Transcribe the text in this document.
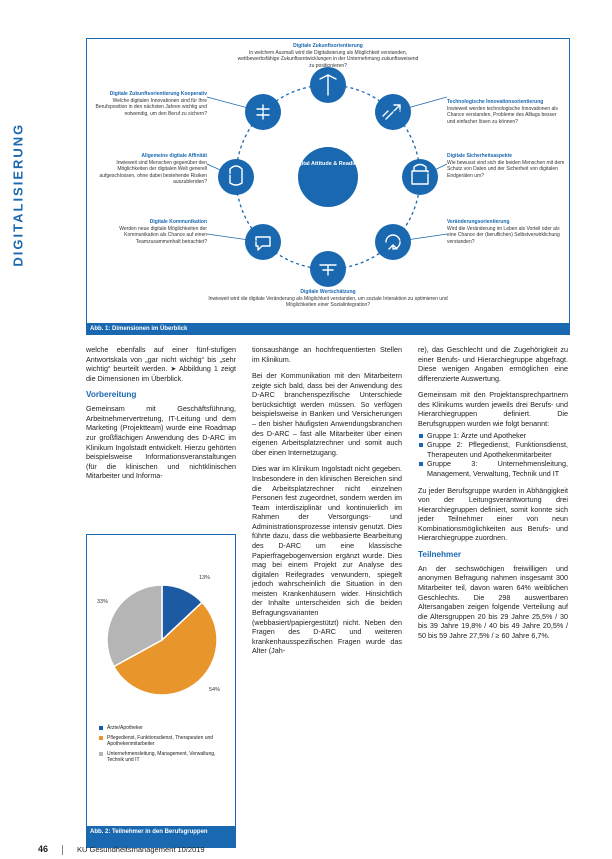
DIGITALISIERUNG	D-ARC Digital Attitude & Readiness Check
Digitale Zukunftsorientierung
In welchem Ausmaß wird die Digitalisierung als Möglichkeit verstanden, wettbewerbsfähige Zukunftsentwicklungen in der Unternehmung zukunftsweisend zu positionieren?
Technologische Innovationsorientierung
Inwieweit werden technologische Innovationen als Chance verstanden, Probleme des Alltags besser und einfacher lösen zu können?
Digitale Sicherheitsaspekte
Wie bewusst sind sich die beiden Menschen mit dem Schutz von Daten und der Sicherheit von digitalen Endgeräten um?
Veränderungsorientierung
Wird die Veränderung im Leben als Vorteil oder als eine Chance der (beruflichen) Selbstverwirklichung verstanden?
Digitale Wertschätzung
Inwieweit wird die digitale Veränderung als Möglichkeit verstanden, um soziale Interaktion zu optimieren und Möglichkeiten einer Sozialintegration?
Digitale Kommunikation
Werden neue digitale Möglichkeiten der Kommunikation als Chance auf einen Teamzusammenhalt betrachtet?
Allgemeine digitale Affinität
Inwieweit sind Menschen gegenüber den Möglichkeiten der digitalen Welt generell aufgeschlossen, ohne dabei bestehende Risiken auszublenden?
Digitale Zukunftsorientierung Kooperativ
Welche digitalen Innovationen sind für Ihre Berufsposition in den nächsten Jahren wichtig und notwendig, um den Beruf zu sichern?
Abb. 1: Dimensionen im Überblick

welche ebenfalls auf einer fünf-stufigen Antwortskala von „gar nicht wichtig“ bis „sehr wichtig“ beurteilt werden. ➤ Abbildung 1 zeigt die Dimensionen im Überblick.

Vorbereitung

Gemeinsam mit Geschäftsführung, Arbeitnehmervertretung, IT-Leitung und dem Marketing (Projektteam) wurde eine Roadmap zur großflächigen Anwendung des D-ARC im Klinikum Ingolstadt entwickelt. Hierzu gehörten beispielsweise Informationsveranstaltungen (für die klinischen und nichtklinischen Mitarbeiter und Informa-

13%
54%
33%
Ärzte/Apotheker
Pflegedienst, Funktionsdienst, Therapeuten und Apothekenmitarbeiter
Unternehmensleitung, Management, Verwaltung, Technik und IT
Abb. 2: Teilnehmer in den Berufsgruppen

tionsaushänge an hochfrequentierten Stellen im Klinikum.

Bei der Kommunikation mit den Mitarbeitern zeigte sich bald, dass bei der Anwendung des D-ARC branchenspezifische Unterschiede berücksichtigt werden müssen. So verfügen beispielsweise in Banken und Versicherungen – den bisher häufigsten Anwendungsbranchen des D-ARC – fast alle Mitarbeiter über einen eigenen Arbeitsplatzrechner und somit auch über einen Internetzugang.

Dies war im Klinikum Ingolstadt nicht gegeben. Insbesondere in den klinischen Bereichen sind die Arbeitsplatzrechner nicht einzelnen Personen fest zugeordnet, sondern werden im Team interdisziplinär und kontinuierlich im Rahmen der Versorgungs- und Administrationsprozesse intensiv genutzt. Dies führte dazu, dass die webbasierte Bearbeitung des D-ARC um eine klassische Papierfragebogenversion ergänzt wurde. Dies mag bei einem Projekt zur Analyse des digitalen Reifegrades verwundern, spiegelt jedoch wahrscheinlich die Situation in den meisten Krankenhäusern wider. Hinsichtlich der Inhalte unterscheiden sich die beiden Befragungsvarianten (webbasiert/papiergestützt) nicht. Neben den Fragen des D-ARC und weiteren krankenhausspezifischen Fragen wurde das Alter (Jah-

re), das Geschlecht und die Zugehörigkeit zu einer Berufs- und Hierarchiegruppe abgefragt. Diese wenigen Angaben ermöglichen eine differenzierte Auswertung.

Gemeinsam mit den Projektansprechpartnern des Klinikums wurden jeweils drei Berufs- und Hierarchiegruppen definiert. Die Berufsgruppen wurden wie folgt benannt:

Gruppe 1: Ärzte und Apotheker
Gruppe 2: Pflegedienst, Funktionsdienst, Therapeuten und Apothekenmitarbeiter
Gruppe 3: Unternehmensleitung, Management, Verwaltung, Technik und IT

Zu jeder Berufsgruppe wurden in Abhängigkeit von der Leitungsverantwortung drei Hierarchiegruppen definiert, somit konnte sich jeder Teilnehmer einer von neun Kombinationsmöglichkeiten aus Berufs- und Hierarchiegruppe zuordnen.

Teilnehmer

An der sechswöchigen freiwilligen und anonymen Befragung nahmen insgesamt 300 Mitarbeiter teil, davon waren 64% weiblichen Geschlechts. Die 298 auswertbaren Altersangaben zeigen folgende Verteilung auf die Altersgruppen 20 bis 29 Jahre 25,5% / 30 bis 39 Jahre 19,8% / 40 bis 49 Jahre 20,5% / 50 bis 59 Jahre 27,5% / ≥ 60 Jahre 6,7%.

46	KU Gesundheitsmanagement 10/2019
